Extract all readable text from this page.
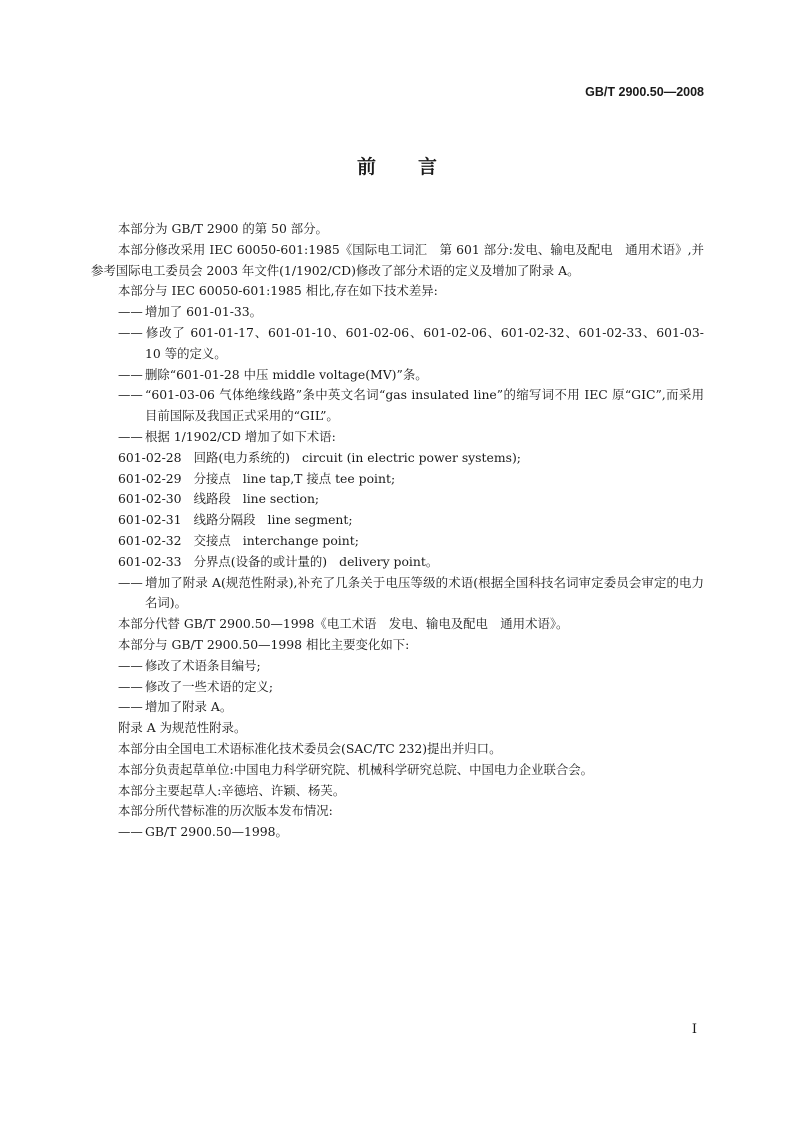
GB/T 2900.50—2008
前言

本部分为 GB/T 2900 的第 50 部分。

本部分修改采用 IEC 60050-601:1985《国际电工词汇　第 601 部分:发电、输电及配电　通用术语》,并参考国际电工委员会 2003 年文件(1/1902/CD)修改了部分术语的定义及增加了附录 A。

本部分与 IEC 60050-601:1985 相比,存在如下技术差异:

—— 增加了 601-01-33。

—— 修改了 601-01-17、601-01-10、601-02-06、601-02-06、601-02-32、601-02-33、601-03-10 等的定义。

—— 删除“601-01-28 中压 middle voltage(MV)”条。

—— “601-03-06 气体绝缘线路”条中英文名词“gas insulated line”的缩写词不用 IEC 原“GIC”,而采用目前国际及我国正式采用的“GIL”。

—— 根据 1/1902/CD 增加了如下术语:

601-02-28 回路(电力系统的) circuit (in electric power systems);

601-02-29 分接点 line tap,T 接点 tee point;

601-02-30 线路段 line section;

601-02-31 线路分隔段 line segment;

601-02-32 交接点 interchange point;

601-02-33 分界点(设备的或计量的) delivery point。

—— 增加了附录 A(规范性附录),补充了几条关于电压等级的术语(根据全国科技名词审定委员会审定的电力名词)。

本部分代替 GB/T 2900.50—1998《电工术语　发电、输电及配电　通用术语》。

本部分与 GB/T 2900.50—1998 相比主要变化如下:

—— 修改了术语条目编号;

—— 修改了一些术语的定义;

—— 增加了附录 A。

附录 A 为规范性附录。

本部分由全国电工术语标准化技术委员会(SAC/TC 232)提出并归口。

本部分负责起草单位:中国电力科学研究院、机械科学研究总院、中国电力企业联合会。

本部分主要起草人:辛德培、许颖、杨芙。

本部分所代替标准的历次版本发布情况:

—— GB/T 2900.50—1998。

I
